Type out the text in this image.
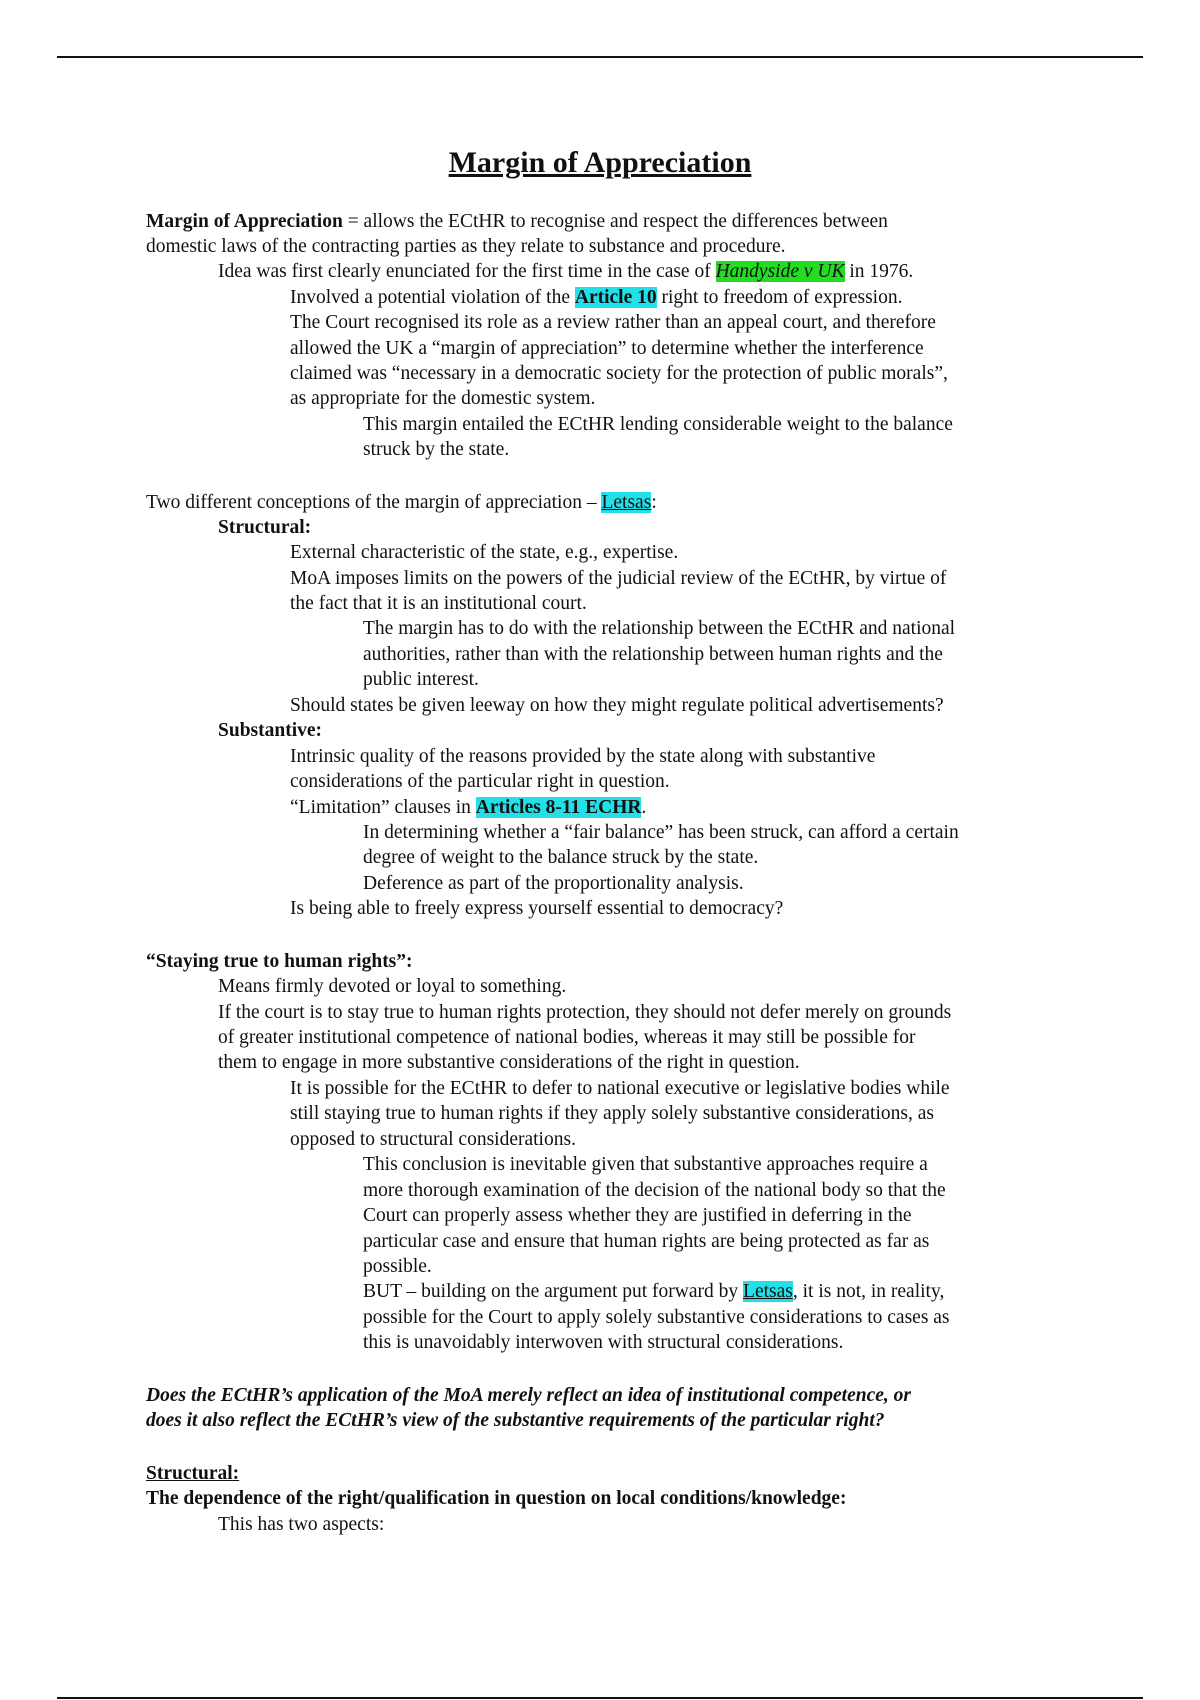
Margin of Appreciation
Margin of Appreciation = allows the ECtHR to recognise and respect the differences between
domestic laws of the contracting parties as they relate to substance and procedure.
Idea was first clearly enunciated for the first time in the case of Handyside v UK in 1976.
Involved a potential violation of the Article 10 right to freedom of expression.
The Court recognised its role as a review rather than an appeal court, and therefore
allowed the UK a “margin of appreciation” to determine whether the interference
claimed was “necessary in a democratic society for the protection of public morals”,
as appropriate for the domestic system.
This margin entailed the ECtHR lending considerable weight to the balance
struck by the state.
Two different conceptions of the margin of appreciation – Letsas:
Structural:
External characteristic of the state, e.g., expertise.
MoA imposes limits on the powers of the judicial review of the ECtHR, by virtue of
the fact that it is an institutional court.
The margin has to do with the relationship between the ECtHR and national
authorities, rather than with the relationship between human rights and the
public interest.
Should states be given leeway on how they might regulate political advertisements?
Substantive:
Intrinsic quality of the reasons provided by the state along with substantive
considerations of the particular right in question.
“Limitation” clauses in Articles 8-11 ECHR.
In determining whether a “fair balance” has been struck, can afford a certain
degree of weight to the balance struck by the state.
Deference as part of the proportionality analysis.
Is being able to freely express yourself essential to democracy?
“Staying true to human rights”:
Means firmly devoted or loyal to something.
If the court is to stay true to human rights protection, they should not defer merely on grounds
of greater institutional competence of national bodies, whereas it may still be possible for
them to engage in more substantive considerations of the right in question.
It is possible for the ECtHR to defer to national executive or legislative bodies while
still staying true to human rights if they apply solely substantive considerations, as
opposed to structural considerations.
This conclusion is inevitable given that substantive approaches require a
more thorough examination of the decision of the national body so that the
Court can properly assess whether they are justified in deferring in the
particular case and ensure that human rights are being protected as far as
possible.
BUT – building on the argument put forward by Letsas, it is not, in reality,
possible for the Court to apply solely substantive considerations to cases as
this is unavoidably interwoven with structural considerations.
Does the ECtHR’s application of the MoA merely reflect an idea of institutional competence, or
does it also reflect the ECtHR’s view of the substantive requirements of the particular right?
Structural:
The dependence of the right/qualification in question on local conditions/knowledge:
This has two aspects:
